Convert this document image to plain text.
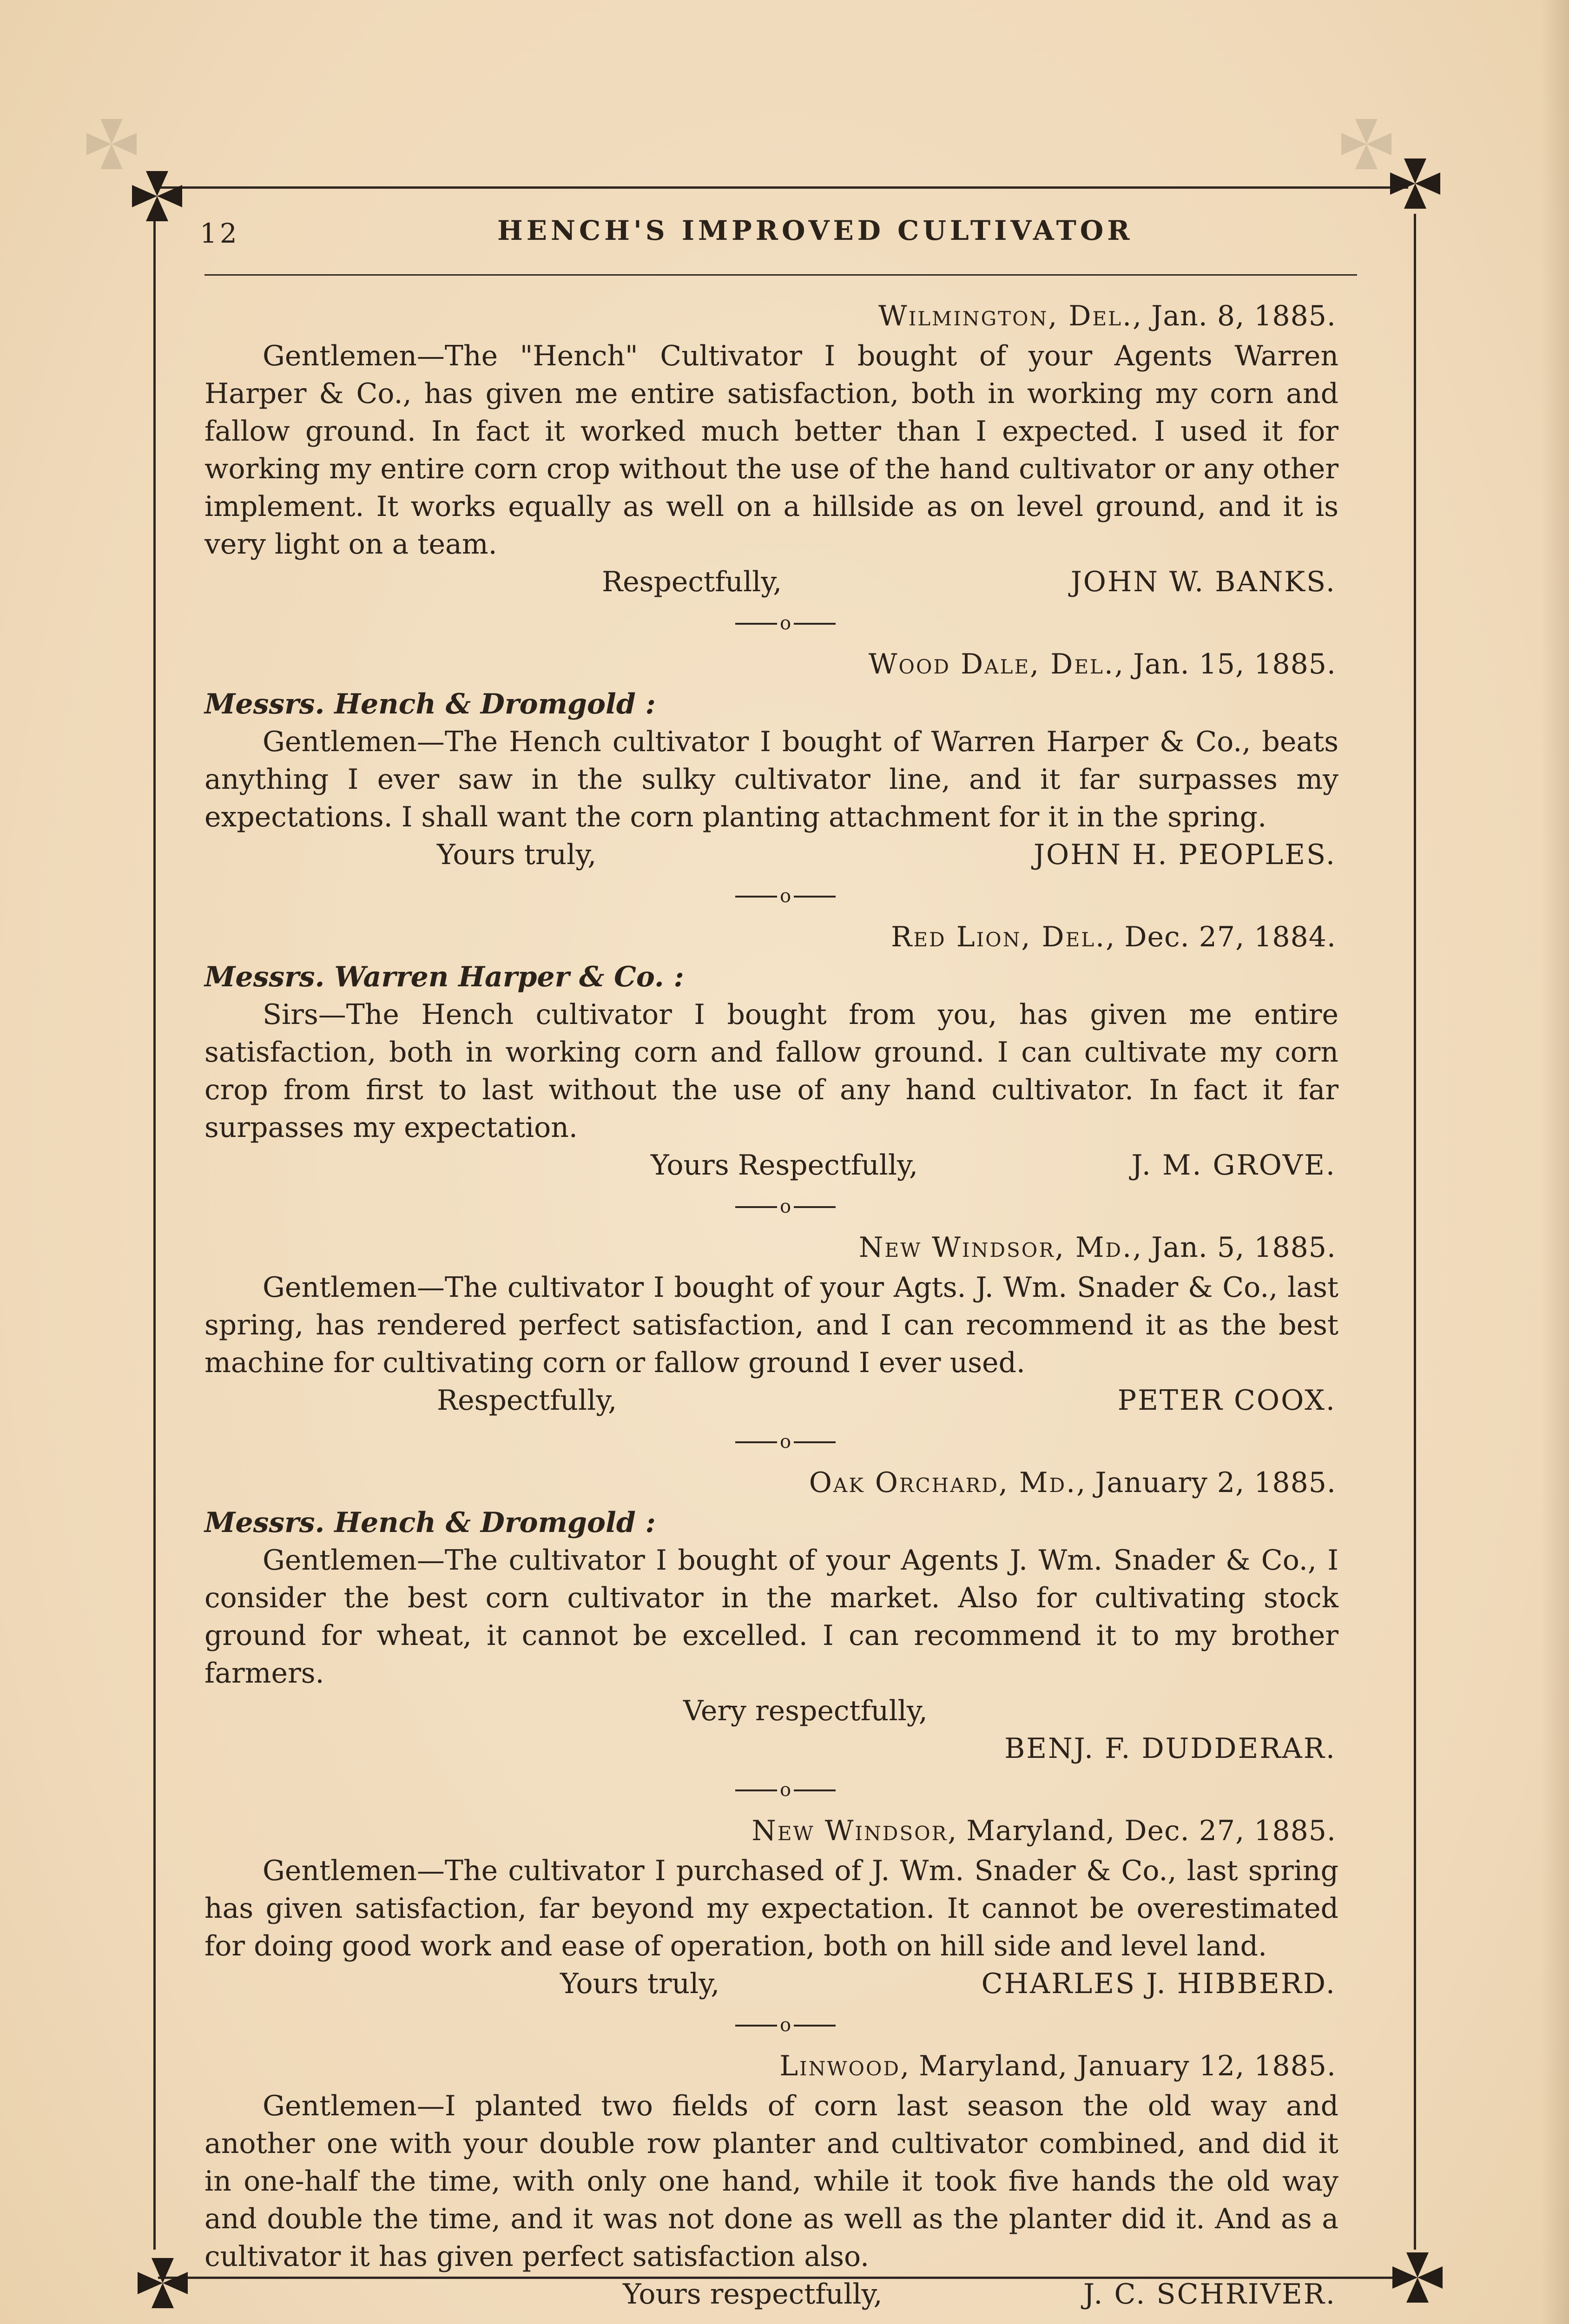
12	HENCH'S IMPROVED CULTIVATOR
Wilmington, Del., Jan. 8, 1885.
Gentlemen—The "Hench" Cultivator I bought of your Agents Warren Harper & Co., has given me entire satisfaction, both in working my corn and fallow ground. In fact it worked much better than I expected. I used it for working my entire corn crop without the use of the hand cultivator or any other implement. It works equally as well on a hillside as on level ground, and it is very light on a team.
Respectfully,	JOHN W. BANKS.
o
Wood Dale, Del., Jan. 15, 1885.
Messrs. Hench & Dromgold :
Gentlemen—The Hench cultivator I bought of Warren Harper & Co., beats anything I ever saw in the sulky cultivator line, and it far surpasses my expectations. I shall want the corn planting attachment for it in the spring.
Yours truly,	JOHN H. PEOPLES.
o
Red Lion, Del., Dec. 27, 1884.
Messrs. Warren Harper & Co. :
Sirs—The Hench cultivator I bought from you, has given me entire satisfaction, both in working corn and fallow ground. I can cultivate my corn crop from first to last without the use of any hand cultivator. In fact it far surpasses my expectation.
Yours Respectfully,	J. M. GROVE.
o
New Windsor, Md., Jan. 5, 1885.
Gentlemen—The cultivator I bought of your Agts. J. Wm. Snader & Co., last spring, has rendered perfect satisfaction, and I can recommend it as the best machine for cultivating corn or fallow ground I ever used.
Respectfully,	PETER COOX.
o
Oak Orchard, Md., January 2, 1885.
Messrs. Hench & Dromgold :
Gentlemen—The cultivator I bought of your Agents J. Wm. Snader & Co., I consider the best corn cultivator in the market. Also for cultivating stock ground for wheat, it cannot be excelled. I can recommend it to my brother farmers.
Very respectfully,
BENJ. F. DUDDERAR.
o
New Windsor, Maryland, Dec. 27, 1885.
Gentlemen—The cultivator I purchased of J. Wm. Snader & Co., last spring has given satisfaction, far beyond my expectation. It cannot be overestimated for doing good work and ease of operation, both on hill side and level land.
Yours truly,	CHARLES J. HIBBERD.
o
Linwood, Maryland, January 12, 1885.
Gentlemen—I planted two fields of corn last season the old way and another one with your double row planter and cultivator combined, and did it in one-half the time, with only one hand, while it took five hands the old way and double the time, and it was not done as well as the planter did it. And as a cultivator it has given perfect satisfaction also.
Yours respectfully,	J. C. SCHRIVER.
